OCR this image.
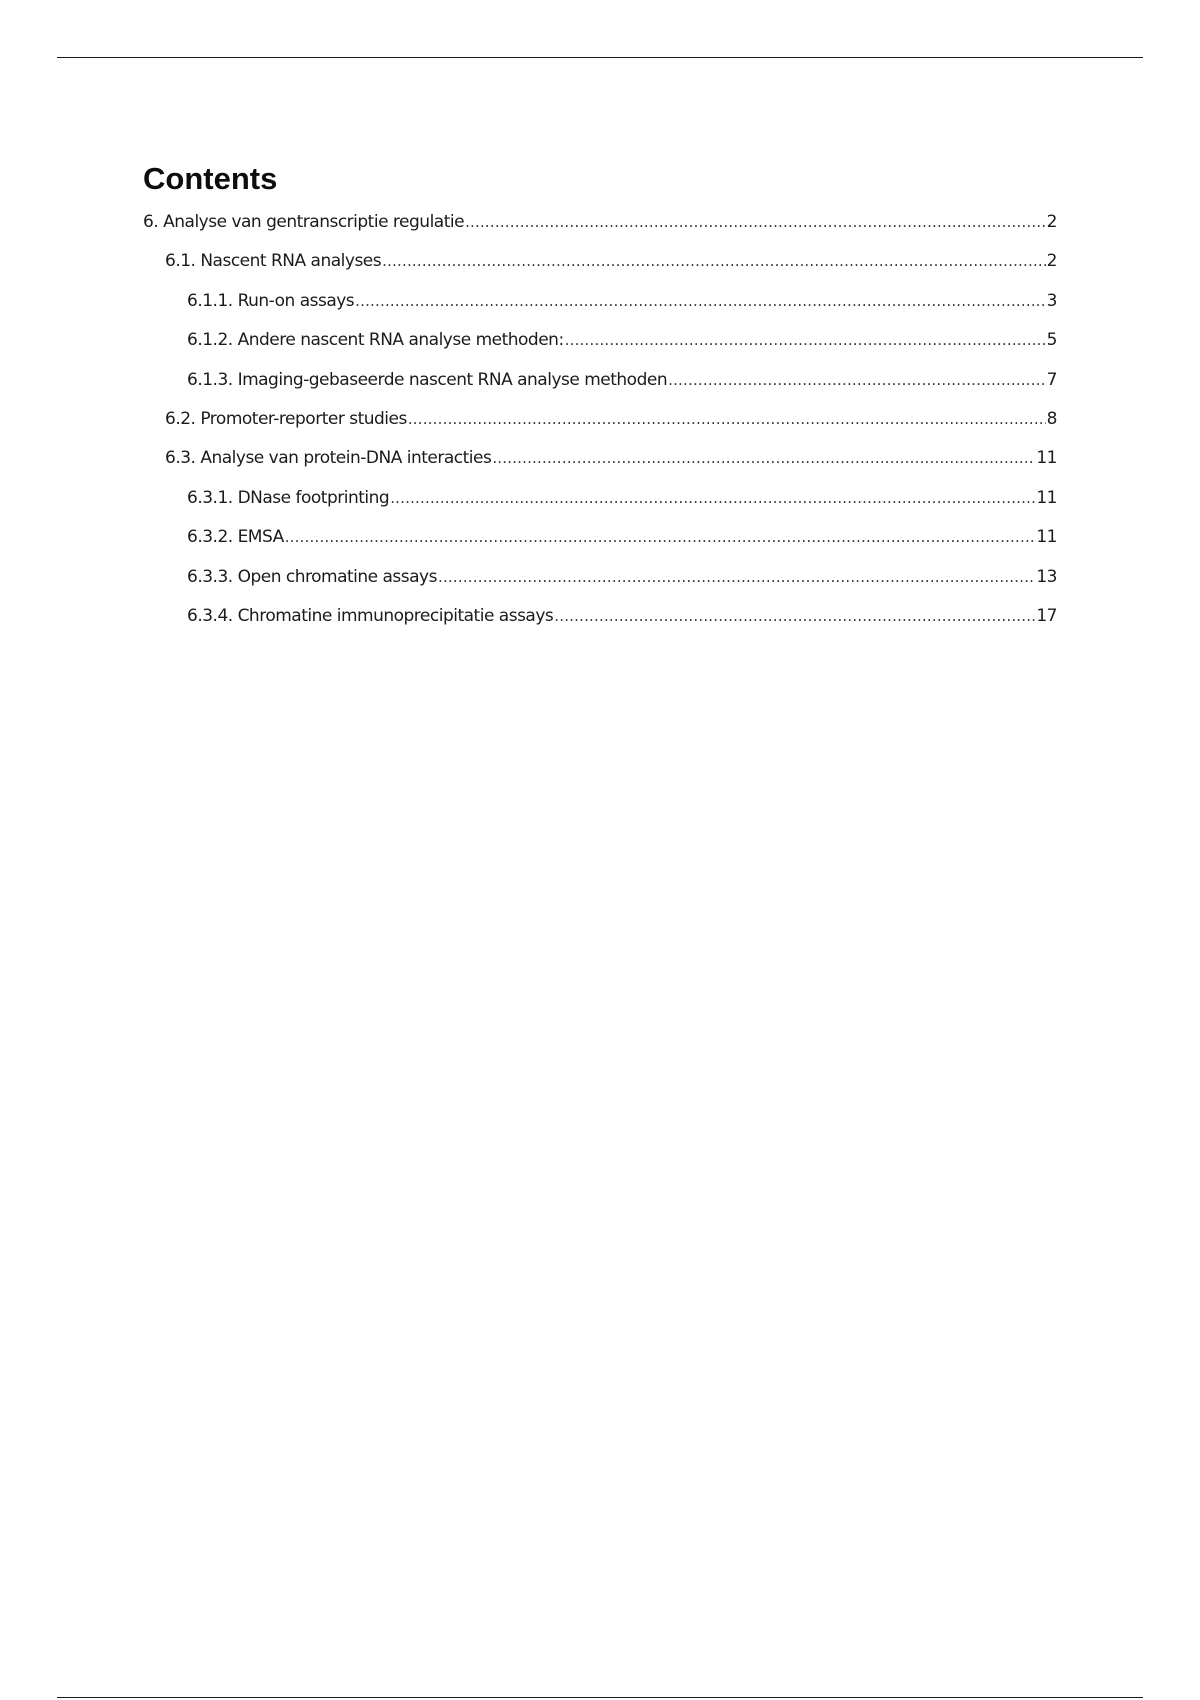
Contents
6. Analyse van gentranscriptie regulatie .....	2
6.1. Nascent RNA analyses .....	2
6.1.1. Run-on assays .....	3
6.1.2. Andere nascent RNA analyse methoden: .....	5
6.1.3. Imaging-gebaseerde nascent RNA analyse methoden .....	7
6.2. Promoter-reporter studies .....	8
6.3. Analyse van protein-DNA interacties .....	11
6.3.1. DNase footprinting .....	11
6.3.2. EMSA .....	11
6.3.3. Open chromatine assays .....	13
6.3.4. Chromatine immunoprecipitatie assays .....	17
